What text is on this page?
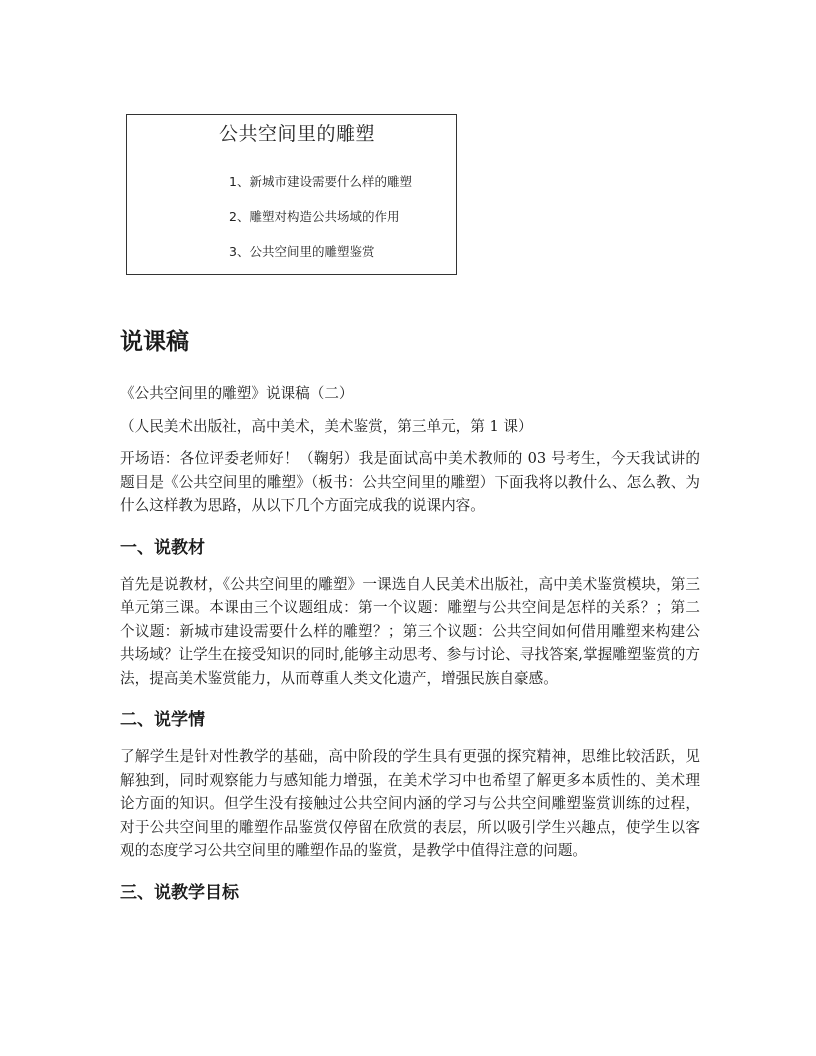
公共空间里的雕塑
1、新城市建设需要什么样的雕塑
2、雕塑对构造公共场域的作用
3、公共空间里的雕塑鉴赏
说课稿

《公共空间里的雕塑》说课稿（二）

（人民美术出版社，高中美术，美术鉴赏，第三单元，第 1 课）

开场语：各位评委老师好！（鞠躬）我是面试高中美术教师的 03 号考生，今天我试讲的题目是《公共空间里的雕塑》（板书：公共空间里的雕塑）下面我将以教什么、怎么教、为什么这样教为思路，从以下几个方面完成我的说课内容。

一、说教材

首先是说教材，《公共空间里的雕塑》一课选自人民美术出版社，高中美术鉴赏模块，第三单元第三课。本课由三个议题组成：第一个议题：雕塑与公共空间是怎样的关系？；第二个议题：新城市建设需要什么样的雕塑？；第三个议题：公共空间如何借用雕塑来构建公共场域？让学生在接受知识的同时,能够主动思考、参与讨论、寻找答案,掌握雕塑鉴赏的方法，提高美术鉴赏能力，从而尊重人类文化遗产，增强民族自豪感。

二、说学情

了解学生是针对性教学的基础，高中阶段的学生具有更强的探究精神，思维比较活跃，见解独到，同时观察能力与感知能力增强，在美术学习中也希望了解更多本质性的、美术理论方面的知识。但学生没有接触过公共空间内涵的学习与公共空间雕塑鉴赏训练的过程，对于公共空间里的雕塑作品鉴赏仅停留在欣赏的表层，所以吸引学生兴趣点，使学生以客观的态度学习公共空间里的雕塑作品的鉴赏，是教学中值得注意的问题。

三、说教学目标
